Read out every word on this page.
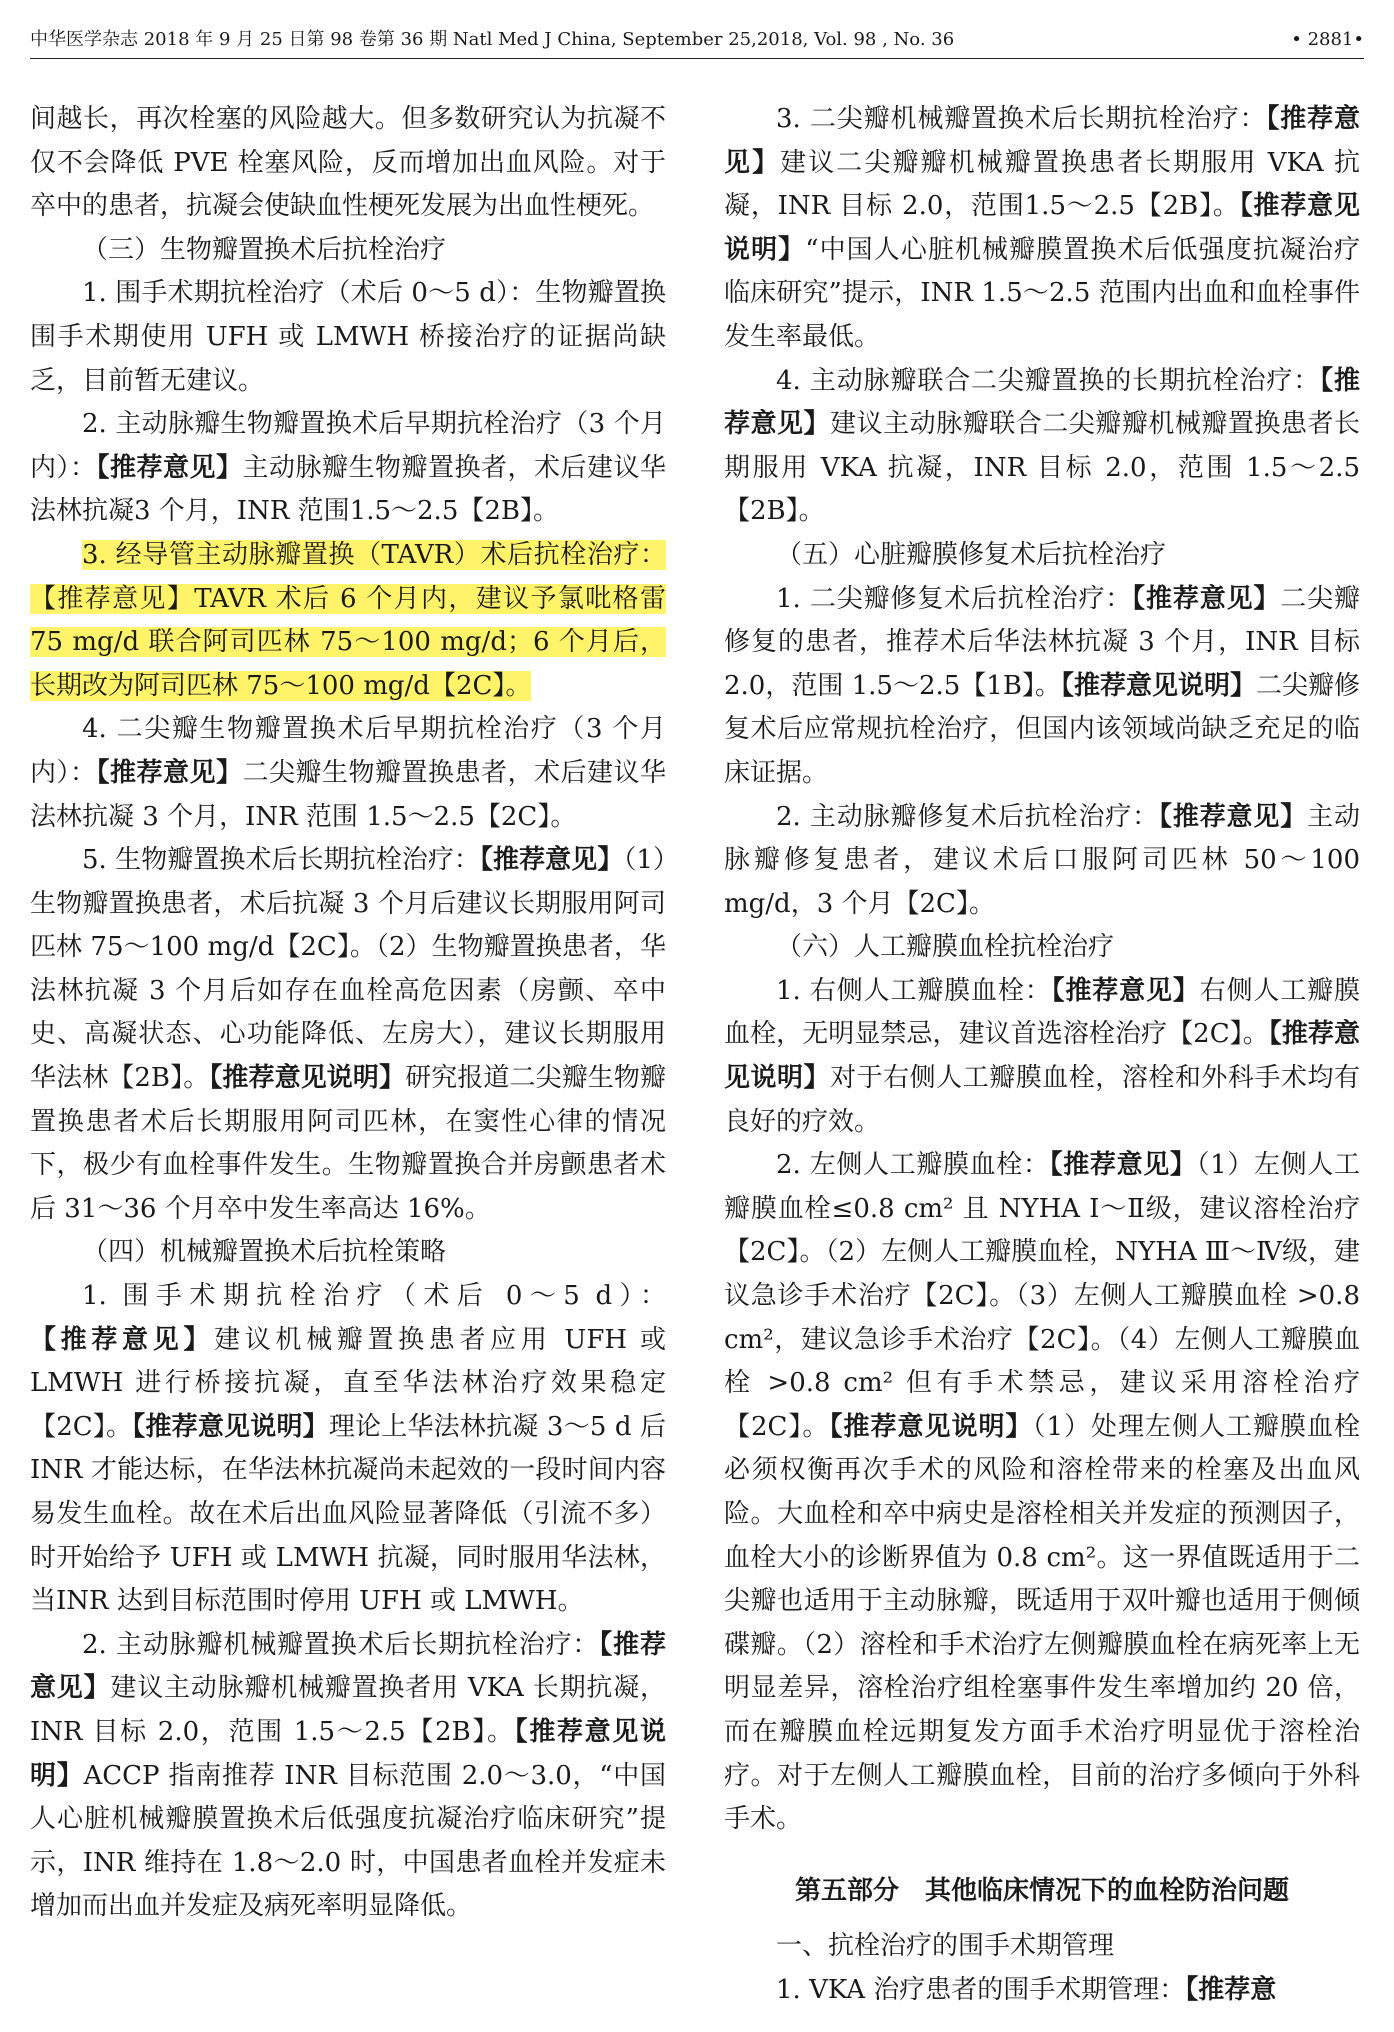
中华医学杂志 2018 年 9 月 25 日第 98 卷第 36 期 Natl Med J China, September 25,2018, Vol. 98 , No. 36	• 2881•

间越长，再次栓塞的风险越大。但多数研究认为抗凝不仅不会降低 PVE 栓塞风险，反而增加出血风险。对于卒中的患者，抗凝会使缺血性梗死发展为出血性梗死。

（三）生物瓣置换术后抗栓治疗

1. 围手术期抗栓治疗（术后 0～5 d）：生物瓣置换围手术期使用 UFH 或 LMWH 桥接治疗的证据尚缺乏，目前暂无建议。

2. 主动脉瓣生物瓣置换术后早期抗栓治疗（3 个月内）：【推荐意见】主动脉瓣生物瓣置换者，术后建议华法林抗凝3 个月，INR 范围1.5～2.5【2B】。

3. 经导管主动脉瓣置换（TAVR）术后抗栓治疗：【推荐意见】TAVR 术后 6 个月内，建议予氯吡格雷 75 mg/d 联合阿司匹林 75～100 mg/d；6 个月后，长期改为阿司匹林 75～100 mg/d【2C】。

4. 二尖瓣生物瓣置换术后早期抗栓治疗（3 个月内）：【推荐意见】二尖瓣生物瓣置换患者，术后建议华法林抗凝 3 个月，INR 范围 1.5～2.5【2C】。

5. 生物瓣置换术后长期抗栓治疗：【推荐意见】（1）生物瓣置换患者，术后抗凝 3 个月后建议长期服用阿司匹林 75～100 mg/d【2C】。（2）生物瓣置换患者，华法林抗凝 3 个月后如存在血栓高危因素（房颤、卒中史、高凝状态、心功能降低、左房大），建议长期服用华法林【2B】。【推荐意见说明】研究报道二尖瓣生物瓣置换患者术后长期服用阿司匹林，在窦性心律的情况下，极少有血栓事件发生。生物瓣置换合并房颤患者术后 31～36 个月卒中发生率高达 16%。

（四）机械瓣置换术后抗栓策略

1. 围手术期抗栓治疗（术后 0～5 d）：【推荐意见】建议机械瓣置换患者应用 UFH 或 LMWH 进行桥接抗凝，直至华法林治疗效果稳定【2C】。【推荐意见说明】理论上华法林抗凝 3～5 d 后 INR 才能达标，在华法林抗凝尚未起效的一段时间内容易发生血栓。故在术后出血风险显著降低（引流不多）时开始给予 UFH 或 LMWH 抗凝，同时服用华法林，当INR 达到目标范围时停用 UFH 或 LMWH。

2. 主动脉瓣机械瓣置换术后长期抗栓治疗：【推荐意见】建议主动脉瓣机械瓣置换者用 VKA 长期抗凝，INR 目标 2.0，范围 1.5～2.5【2B】。【推荐意见说明】ACCP 指南推荐 INR 目标范围 2.0～3.0，“中国人心脏机械瓣膜置换术后低强度抗凝治疗临床研究”提示，INR 维持在 1.8～2.0 时，中国患者血栓并发症未增加而出血并发症及病死率明显降低。

3. 二尖瓣机械瓣置换术后长期抗栓治疗：【推荐意见】建议二尖瓣瓣机械瓣置换患者长期服用 VKA 抗凝，INR 目标 2.0，范围1.5～2.5【2B】。【推荐意见说明】“中国人心脏机械瓣膜置换术后低强度抗凝治疗临床研究”提示，INR 1.5～2.5 范围内出血和血栓事件发生率最低。

4. 主动脉瓣联合二尖瓣置换的长期抗栓治疗：【推荐意见】建议主动脉瓣联合二尖瓣瓣机械瓣置换患者长期服用 VKA 抗凝，INR 目标 2.0，范围 1.5～2.5【2B】。

（五）心脏瓣膜修复术后抗栓治疗

1. 二尖瓣修复术后抗栓治疗：【推荐意见】二尖瓣修复的患者，推荐术后华法林抗凝 3 个月，INR 目标2.0，范围 1.5～2.5【1B】。【推荐意见说明】二尖瓣修复术后应常规抗栓治疗，但国内该领域尚缺乏充足的临床证据。

2. 主动脉瓣修复术后抗栓治疗：【推荐意见】主动脉瓣修复患者，建议术后口服阿司匹林 50～100 mg/d，3 个月【2C】。

（六）人工瓣膜血栓抗栓治疗

1. 右侧人工瓣膜血栓：【推荐意见】右侧人工瓣膜血栓，无明显禁忌，建议首选溶栓治疗【2C】。【推荐意见说明】对于右侧人工瓣膜血栓，溶栓和外科手术均有良好的疗效。

2. 左侧人工瓣膜血栓：【推荐意见】（1）左侧人工瓣膜血栓≤0.8 cm² 且 NYHA Ⅰ～Ⅱ级，建议溶栓治疗【2C】。（2）左侧人工瓣膜血栓，NYHA Ⅲ～Ⅳ级，建议急诊手术治疗【2C】。（3）左侧人工瓣膜血栓 >0.8 cm²，建议急诊手术治疗【2C】。（4）左侧人工瓣膜血栓 >0.8 cm² 但有手术禁忌，建议采用溶栓治疗【2C】。【推荐意见说明】（1）处理左侧人工瓣膜血栓必须权衡再次手术的风险和溶栓带来的栓塞及出血风险。大血栓和卒中病史是溶栓相关并发症的预测因子，血栓大小的诊断界值为 0.8 cm²。这一界值既适用于二尖瓣也适用于主动脉瓣，既适用于双叶瓣也适用于侧倾碟瓣。（2）溶栓和手术治疗左侧瓣膜血栓在病死率上无明显差异，溶栓治疗组栓塞事件发生率增加约 20 倍，而在瓣膜血栓远期复发方面手术治疗明显优于溶栓治疗。对于左侧人工瓣膜血栓，目前的治疗多倾向于外科手术。

第五部分　其他临床情况下的血栓防治问题

一、抗栓治疗的围手术期管理

1. VKA 治疗患者的围手术期管理：【推荐意
